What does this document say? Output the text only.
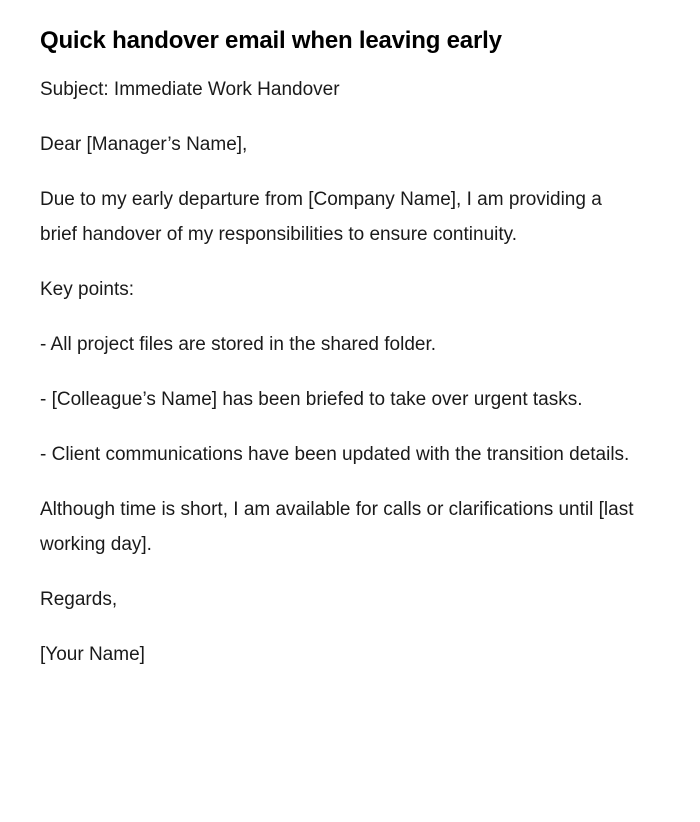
Quick handover email when leaving early

Subject: Immediate Work Handover

Dear [Manager’s Name],

Due to my early departure from [Company Name], I am providing a brief handover of my responsibilities to ensure continuity.

Key points:

- All project files are stored in the shared folder.

- [Colleague’s Name] has been briefed to take over urgent tasks.

- Client communications have been updated with the transition details.

Although time is short, I am available for calls or clarifications until [last working day].

Regards,

[Your Name]
